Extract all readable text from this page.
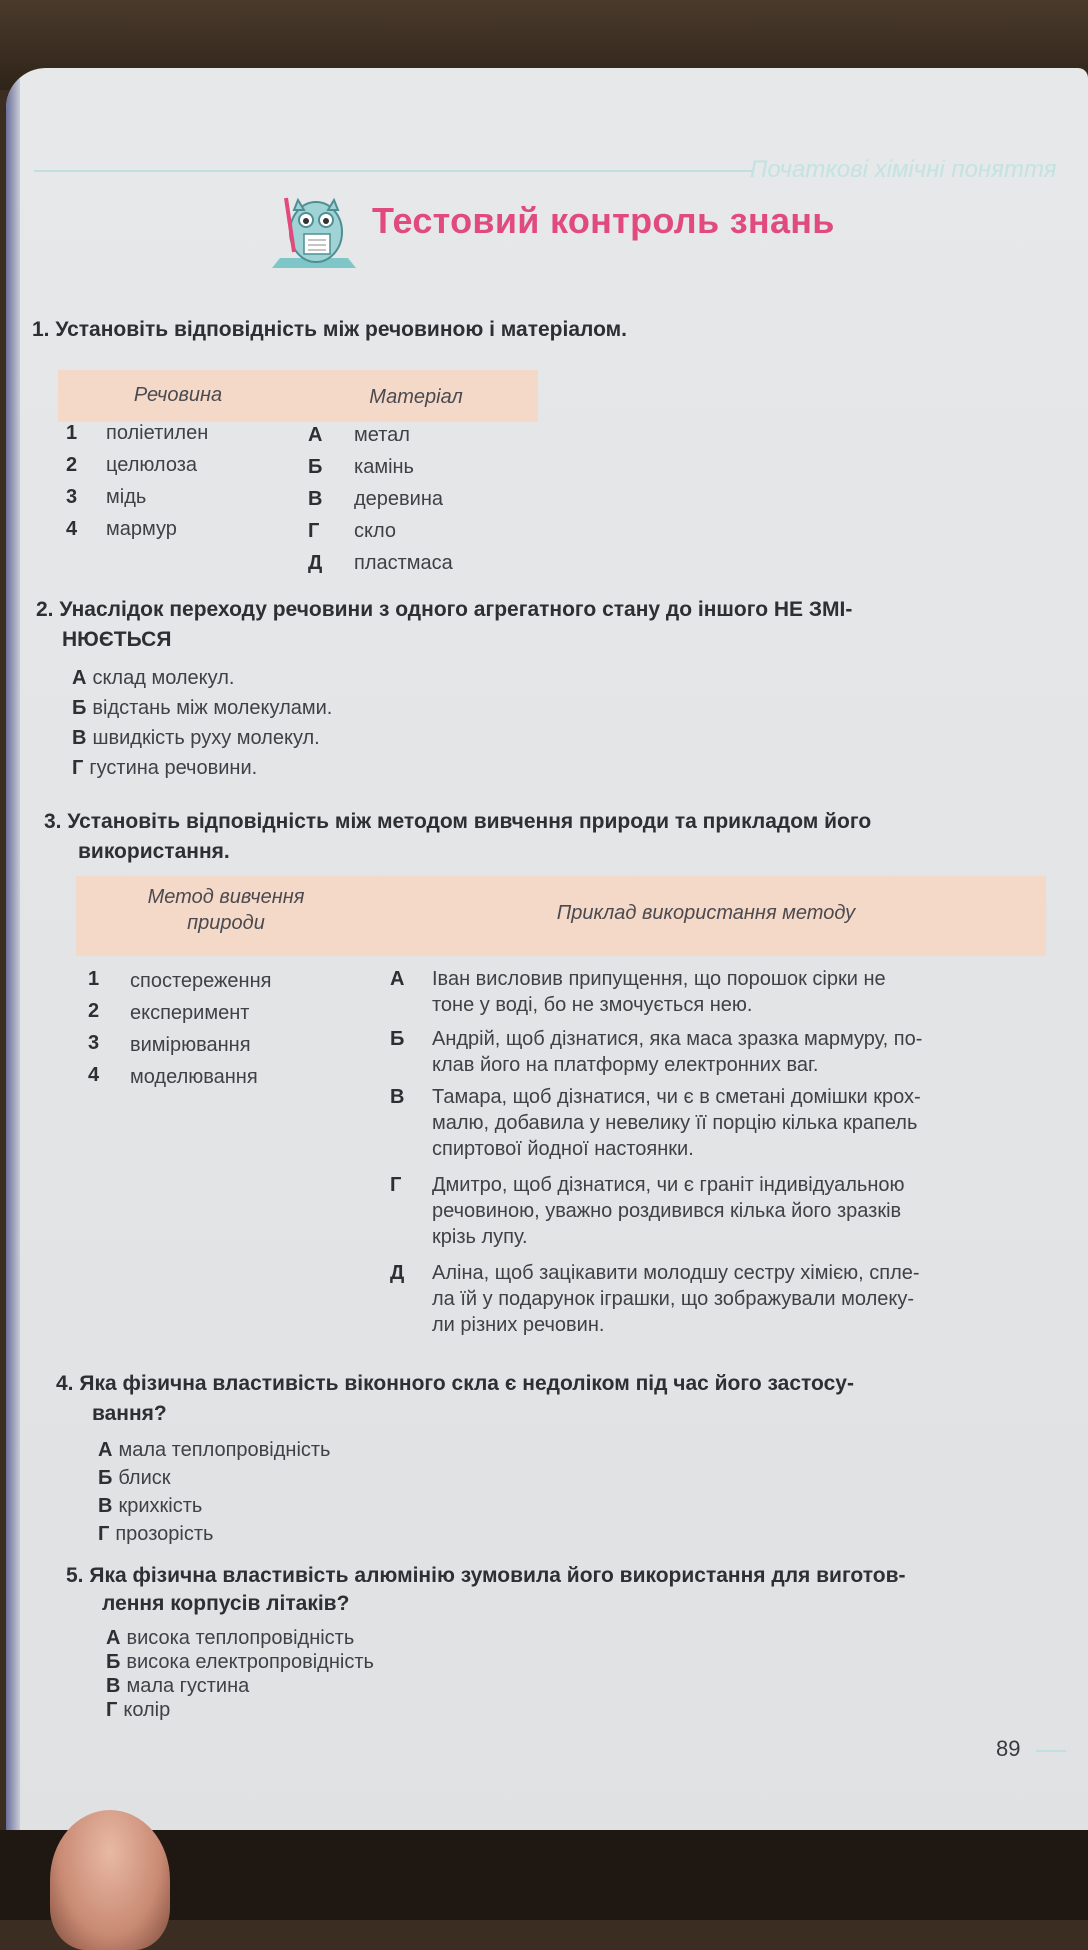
Початкові хімічні поняття
Тестовий контроль знань
1. Установіть відповідність між речовиною і матеріалом.
Речовина	Матеріал
1 поліетилен
2 целюлоза
3 мідь
4 мармур
А метал
Б камінь
В деревина
Г скло
Д пластмаса
2. Унаслідок переходу речовини з одного агрегатного стану до іншого НЕ ЗМІ-
НЮЄТЬСЯ
А склад молекул.
Б відстань між молекулами.
В швидкість руху молекул.
Г густина речовини.
3. Установіть відповідність між методом вивчення природи та прикладом його
використання.
Метод вивчення
природи	Приклад використання методу
1 спостереження
2 експеримент
3 вимірювання
4 моделювання
А Іван висловив припущення, що порошок сірки не
тоне у воді, бо не змочується нею.
Б Андрій, щоб дізнатися, яка маса зразка мармуру, по-
клав його на платформу електронних ваг.
В Тамара, щоб дізнатися, чи є в сметані домішки крох-
малю, добавила у невелику її порцію кілька крапель
спиртової йодної настоянки.
Г Дмитро, щоб дізнатися, чи є граніт індивідуальною
речовиною, уважно роздивився кілька його зразків
крізь лупу.
Д Аліна, щоб зацікавити молодшу сестру хімією, спле-
ла їй у подарунок іграшки, що зображували молеку-
ли різних речовин.
4. Яка фізична властивість віконного скла є недоліком під час його застосу-
вання?
А мала теплопровідність
Б блиск
В крихкість
Г прозорість
5. Яка фізична властивість алюмінію зумовила його використання для виготов-
лення корпусів літаків?
А висока теплопровідність
Б висока електропровідність
В мала густина
Г колір
89
